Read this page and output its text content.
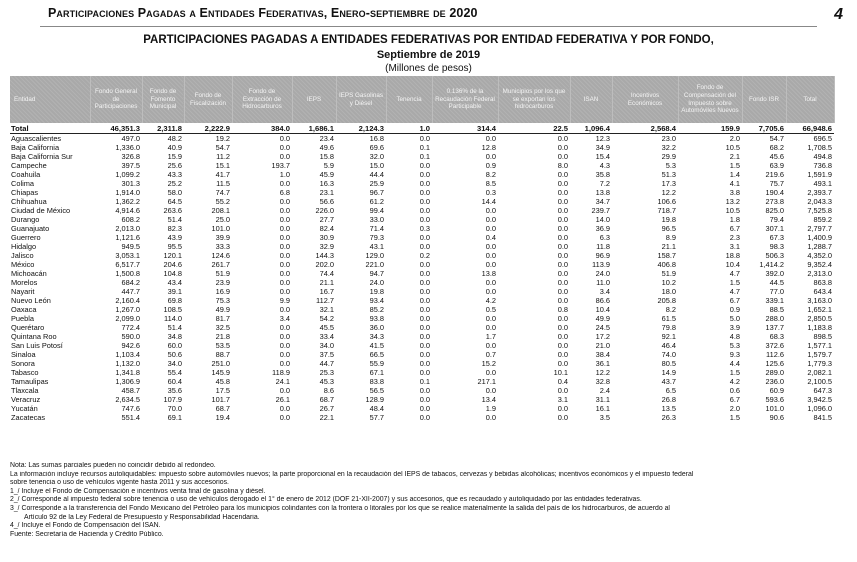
Participaciones Pagadas a Entidades Federativas, Enero-septiembre de 2020	4
PARTICIPACIONES PAGADAS A ENTIDADES FEDERATIVAS POR ENTIDAD FEDERATIVA Y POR FONDO,
Septiembre de 2019
(Millones de pesos)
Entidad	Fondo General de Participaciones	Fondo de Fomento Municipal	Fondo de Fiscalización	Fondo de Extracción de Hidrocarburos	IEPS	IEPS Gasolinas y Diésel	Tenencia	0.136% de la Recaudación Federal Participable	Municipios por los que se exportan los hidrocarburos	ISAN	Incentivos Económicos	Fondo de Compensación del Impuesto sobre Automóviles Nuevos	Fondo ISR	Total
Total	46,351.3	2,311.8	2,222.9	384.0	1,686.1	2,124.3	1.0	314.4	22.5	1,096.4	2,568.4	159.9	7,705.6	66,948.6
Aguascalientes	497.0	48.2	19.2	0.0	23.4	16.8	0.0	0.0	0.0	12.3	23.0	2.0	54.7	696.5
Baja California	1,336.0	40.9	54.7	0.0	49.6	69.6	0.1	12.8	0.0	34.9	32.2	10.5	68.2	1,708.5
Baja California Sur	326.8	15.9	11.2	0.0	15.8	32.0	0.1	0.0	0.0	15.4	29.9	2.1	45.6	494.8
Campeche	397.5	25.6	15.1	193.7	5.9	15.0	0.0	0.9	8.0	4.3	5.3	1.5	63.9	736.8
Coahuila	1,099.2	43.3	41.7	1.0	45.9	44.4	0.0	8.2	0.0	35.8	51.3	1.4	219.6	1,591.9
Colima	301.3	25.2	11.5	0.0	16.3	25.9	0.0	8.5	0.0	7.2	17.3	4.1	75.7	493.1
Chiapas	1,914.0	58.0	74.7	6.8	23.1	96.7	0.0	0.3	0.0	13.8	12.2	3.8	190.4	2,393.7
Chihuahua	1,362.2	64.5	55.2	0.0	56.6	61.2	0.0	14.4	0.0	34.7	106.6	13.2	273.8	2,043.3
Ciudad de México	4,914.6	263.6	208.1	0.0	226.0	99.4	0.0	0.0	0.0	239.7	718.7	10.5	825.0	7,525.8
Durango	608.2	51.4	25.0	0.0	27.7	33.0	0.0	0.0	0.0	14.0	19.8	1.8	79.4	859.2
Guanajuato	2,013.0	82.3	101.0	0.0	82.4	71.4	0.3	0.0	0.0	36.9	96.5	6.7	307.1	2,797.7
Guerrero	1,121.6	43.9	39.9	0.0	30.9	79.3	0.0	0.4	0.0	6.3	8.9	2.3	67.3	1,400.9
Hidalgo	949.5	95.5	33.3	0.0	32.9	43.1	0.0	0.0	0.0	11.8	21.1	3.1	98.3	1,288.7
Jalisco	3,053.1	120.1	124.6	0.0	144.3	129.0	0.2	0.0	0.0	96.9	158.7	18.8	506.3	4,352.0
México	6,517.7	204.6	261.7	0.0	202.0	221.0	0.0	0.0	0.0	113.9	406.8	10.4	1,414.2	9,352.4
Michoacán	1,500.8	104.8	51.9	0.0	74.4	94.7	0.0	13.8	0.0	24.0	51.9	4.7	392.0	2,313.0
Morelos	684.2	43.4	23.9	0.0	21.1	24.0	0.0	0.0	0.0	11.0	10.2	1.5	44.5	863.8
Nayarit	447.7	39.1	16.9	0.0	16.7	19.8	0.0	0.0	0.0	3.4	18.0	4.7	77.0	643.4
Nuevo León	2,160.4	69.8	75.3	9.9	112.7	93.4	0.0	4.2	0.0	86.6	205.8	6.7	339.1	3,163.0
Oaxaca	1,267.0	108.5	49.9	0.0	32.1	85.2	0.0	0.5	0.8	10.4	8.2	0.9	88.5	1,652.1
Puebla	2,099.0	114.0	81.7	3.4	54.2	93.8	0.0	0.0	0.0	49.9	61.5	5.0	288.0	2,850.5
Querétaro	772.4	51.4	32.5	0.0	45.5	36.0	0.0	0.0	0.0	24.5	79.8	3.9	137.7	1,183.8
Quintana Roo	590.0	34.8	21.8	0.0	33.4	34.3	0.0	1.7	0.0	17.2	92.1	4.8	68.3	898.5
San Luis Potosí	942.6	60.0	53.5	0.0	34.0	41.5	0.0	0.0	0.0	21.0	46.4	5.3	372.6	1,577.1
Sinaloa	1,103.4	50.6	88.7	0.0	37.5	66.5	0.0	0.7	0.0	38.4	74.0	9.3	112.6	1,579.7
Sonora	1,132.0	34.0	251.0	0.0	44.7	55.9	0.0	15.2	0.0	36.1	80.5	4.4	125.6	1,779.3
Tabasco	1,341.8	55.4	145.9	118.9	25.3	67.1	0.0	0.0	10.1	12.2	14.9	1.5	289.0	2,082.1
Tamaulipas	1,306.9	60.4	45.8	24.1	45.3	83.8	0.1	217.1	0.4	32.8	43.7	4.2	236.0	2,100.5
Tlaxcala	458.7	35.6	17.5	0.0	8.6	56.5	0.0	0.0	0.0	2.4	6.5	0.6	60.9	647.3
Veracruz	2,634.5	107.9	101.7	26.1	68.7	128.9	0.0	13.4	3.1	31.1	26.8	6.7	593.6	3,942.5
Yucatán	747.6	70.0	68.7	0.0	26.7	48.4	0.0	1.9	0.0	16.1	13.5	2.0	101.0	1,096.0
Zacatecas	551.4	69.1	19.4	0.0	22.1	57.7	0.0	0.0	0.0	3.5	26.3	1.5	90.6	841.5
Nota: Las sumas parciales pueden no coincidir debido al redondeo.
La información incluye recursos autoliquidables: impuesto sobre automóviles nuevos; la parte proporcional en la recaudación del IEPS de tabacos, cervezas y bebidas alcohólicas; incentivos económicos y el impuesto federal
sobre tenencia o uso de vehículos vigente hasta 2011 y sus accesorios.
1_/ Incluye el Fondo de Compensación e incentivos venta final de gasolina y diésel.
2_/ Corresponde al impuesto federal sobre tenencia o uso de vehículos derogado el 1° de enero de 2012 (DOF 21-XII-2007) y sus accesorios, que es recaudado y autoliquidado por las entidades federativas.
3_/ Corresponde a la transferencia del Fondo Mexicano del Petróleo para los municipios colindantes con la frontera o litorales por los que se realice materialmente la salida del país de los hidrocarburos, de acuerdo al
Artículo 92 de la Ley Federal de Presupuesto y Responsabilidad Hacendaria.
4_/ Incluye el Fondo de Compensación del ISAN.
Fuente: Secretaría de Hacienda y Crédito Público.
